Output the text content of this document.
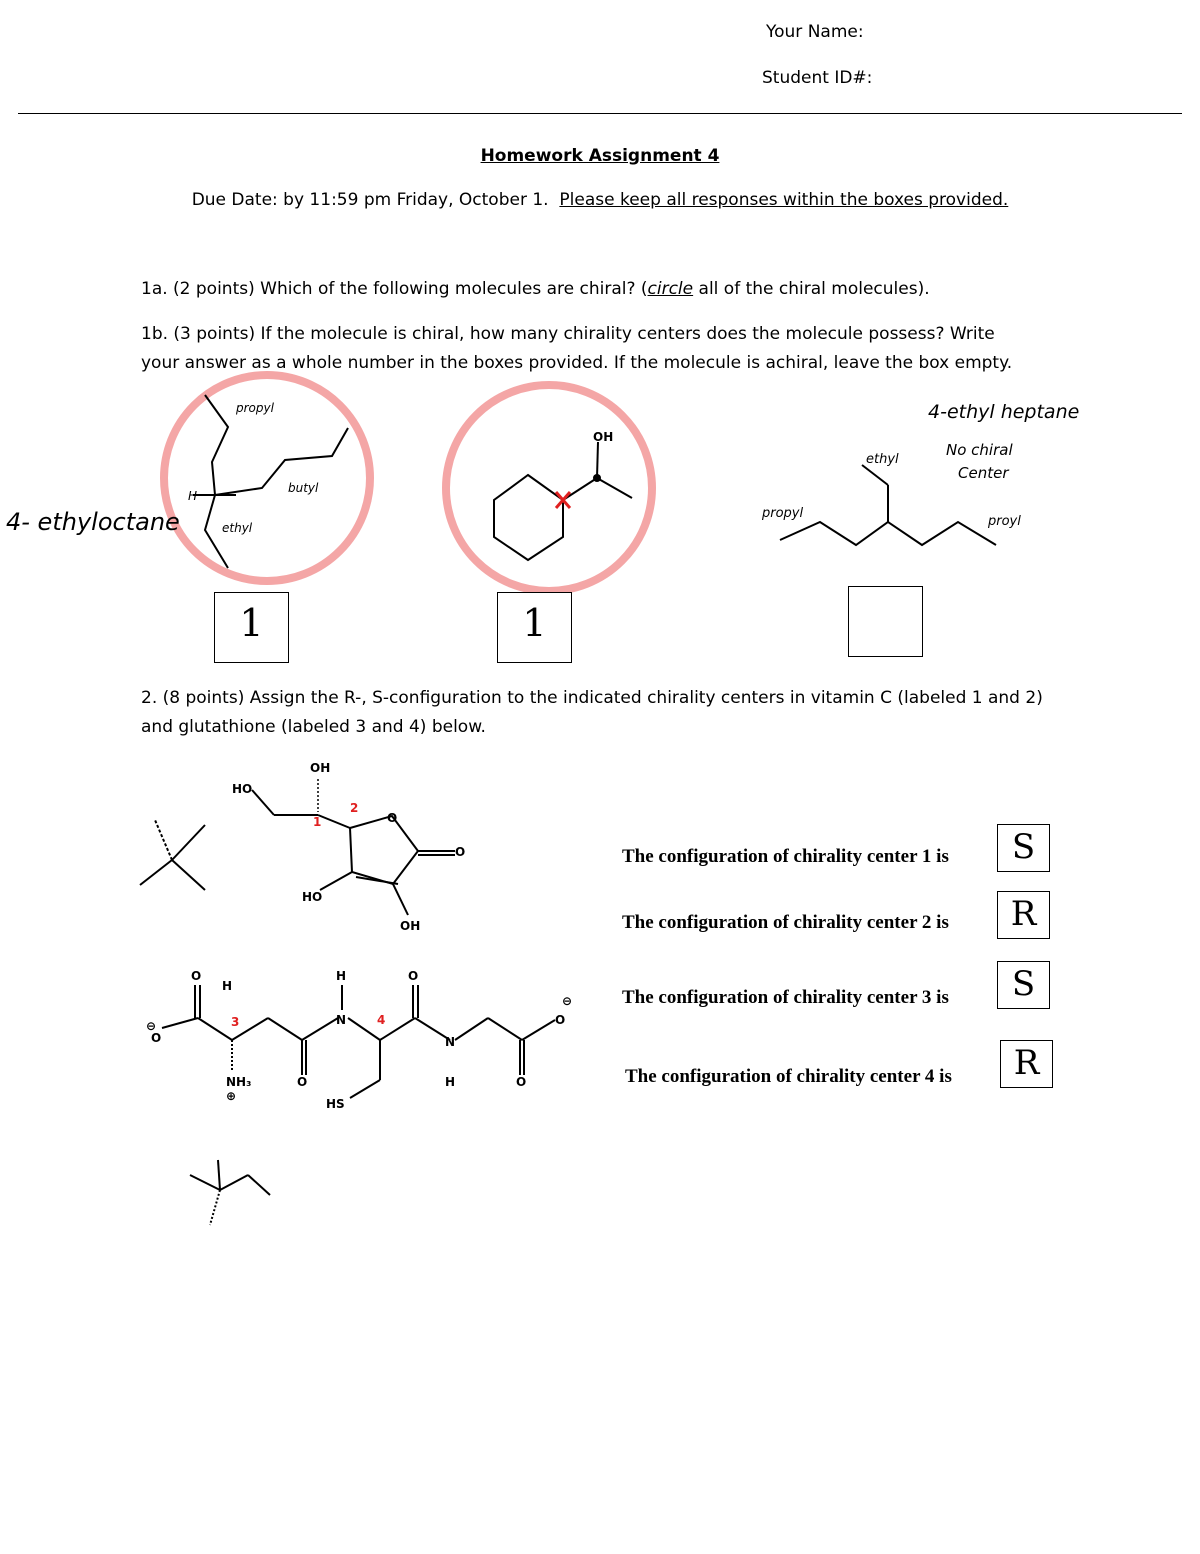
Your Name:
Student ID#:
Homework Assignment 4
Due Date: by 11:59 pm Friday, October 1. Please keep all responses within the boxes provided.
1a. (2 points) Which of the following molecules are chiral? (circle all of the chiral molecules).
1b. (3 points) If the molecule is chiral, how many chirality centers does the molecule possess? Write
your answer as a whole number in the boxes provided. If the molecule is achiral, leave the box empty.
propyl
butyl
ethyl
H
4- ethyloctane
OH
ethyl
propyl
proyl
4-ethyl heptane
No chiral
Center
OH
HO
O
O
HO
OH
1
2
O
H
H	O
O
N
N
H
NH₃
⊕
O
HS
O
O
⊖
⊖
3	4
1	1
2. (8 points) Assign the R-, S-configuration to the indicated chirality centers in vitamin C (labeled 1 and 2)
and glutathione (labeled 3 and 4) below.
The configuration of chirality center 1 is	S
The configuration of chirality center 2 is	R
The configuration of chirality center 3 is	S
The configuration of chirality center 4 is	R
